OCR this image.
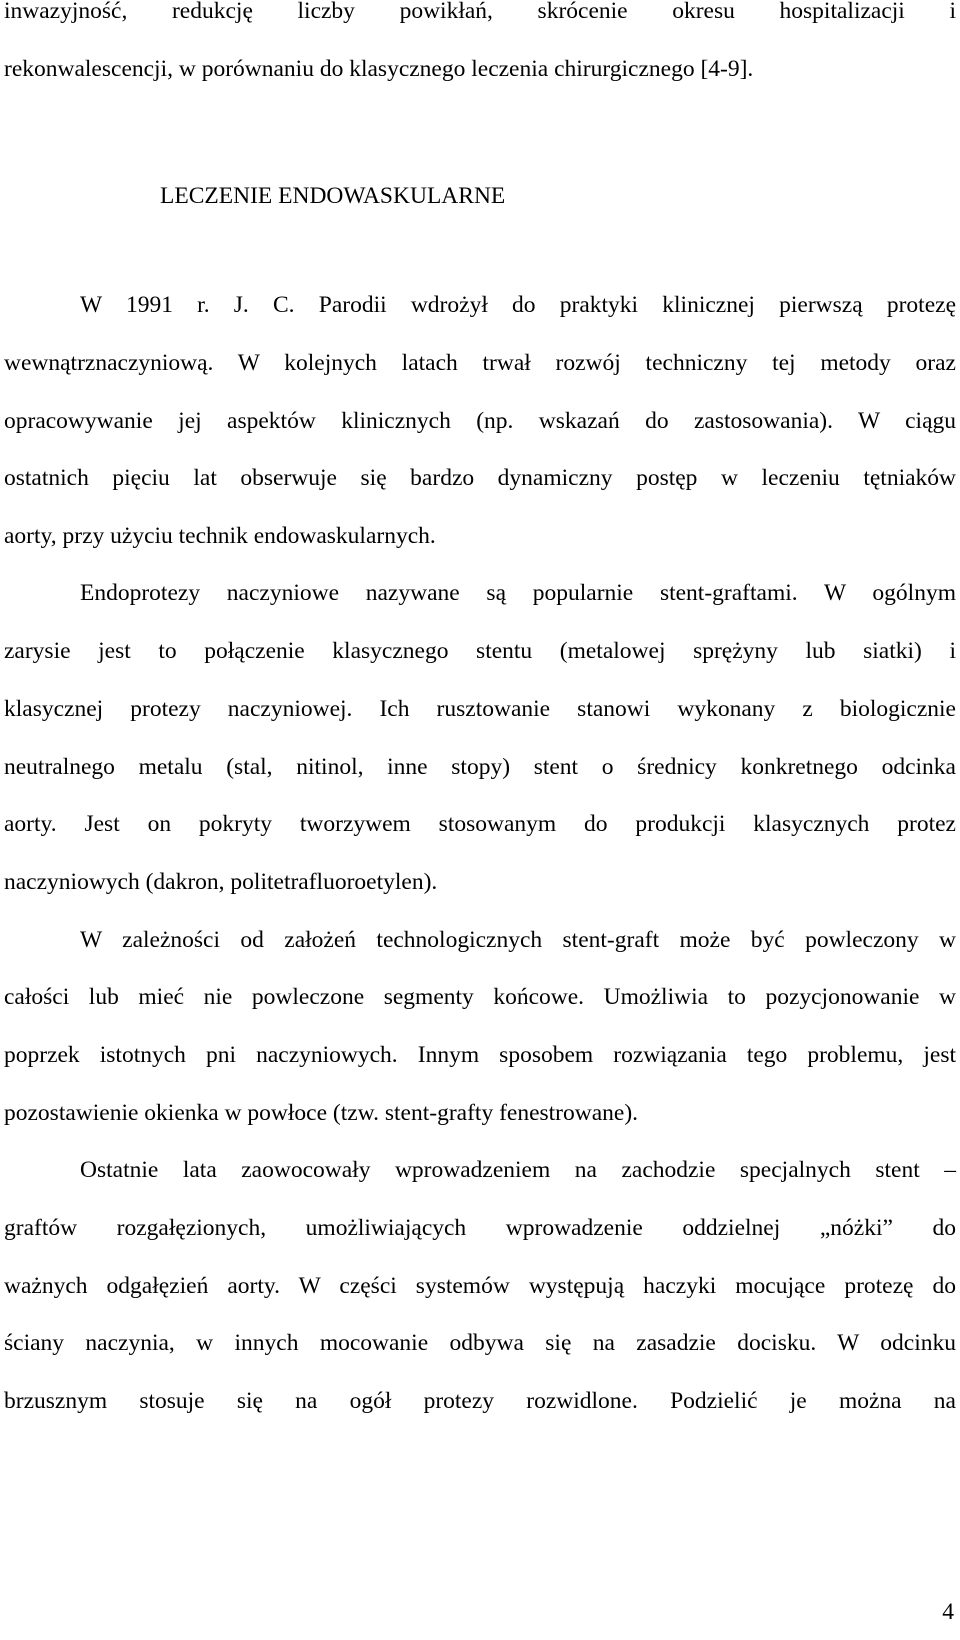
inwazyjność, redukcję liczby powikłań, skrócenie okresu hospitalizacji i
rekonwalescencji, w porównaniu do klasycznego leczenia chirurgicznego [4-9].
LECZENIE ENDOWASKULARNE
W 1991 r. J. C. Parodii wdrożył do praktyki klinicznej pierwszą protezę
wewnątrznaczyniową. W kolejnych latach trwał rozwój techniczny tej metody oraz
opracowywanie jej aspektów klinicznych (np. wskazań do zastosowania). W ciągu
ostatnich pięciu lat obserwuje się bardzo dynamiczny postęp w leczeniu tętniaków
aorty, przy użyciu technik endowaskularnych.
Endoprotezy naczyniowe nazywane są popularnie stent-graftami. W ogólnym
zarysie jest to połączenie klasycznego stentu (metalowej sprężyny lub siatki) i
klasycznej protezy naczyniowej. Ich rusztowanie stanowi wykonany z biologicznie
neutralnego metalu (stal, nitinol, inne stopy) stent o średnicy konkretnego odcinka
aorty. Jest on pokryty tworzywem stosowanym do produkcji klasycznych protez
naczyniowych (dakron, politetrafluoroetylen).
W zależności od założeń technologicznych stent-graft może być powleczony w
całości lub mieć nie powleczone segmenty końcowe. Umożliwia to pozycjonowanie w
poprzek istotnych pni naczyniowych. Innym sposobem rozwiązania tego problemu, jest
pozostawienie okienka w powłoce (tzw. stent-grafty fenestrowane).
Ostatnie lata zaowocowały wprowadzeniem na zachodzie specjalnych stent –
graftów rozgałęzionych, umożliwiających wprowadzenie oddzielnej „nóżki” do
ważnych odgałęzień aorty. W części systemów występują haczyki mocujące protezę do
ściany naczynia, w innych mocowanie odbywa się na zasadzie docisku. W odcinku
brzusznym stosuje się na ogół protezy rozwidlone. Podzielić je można na
4
